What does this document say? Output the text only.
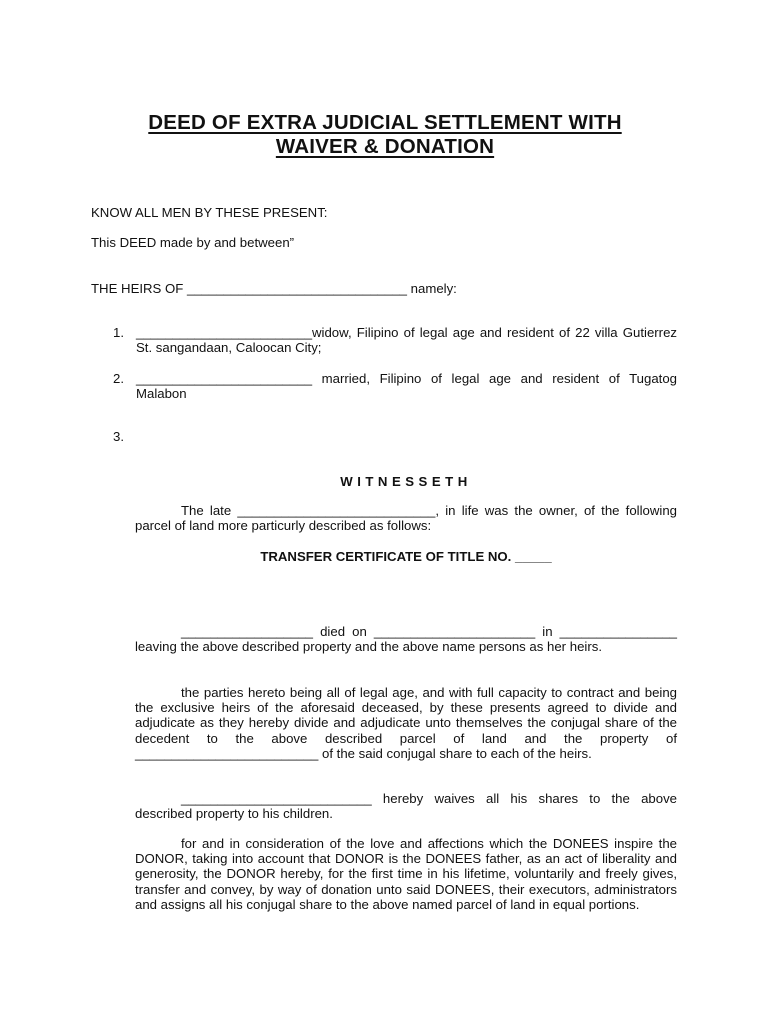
DEED OF EXTRA JUDICIAL SETTLEMENT WITH
WAIVER & DONATION
KNOW ALL MEN BY THESE PRESENT:
This DEED made by and between”
THE HEIRS OF ______________________________ namely:
1. ________________________widow, Filipino of legal age and resident of 22 villa Gutierrez St. sangandaan, Caloocan City;
2. ________________________ married, Filipino of legal age and resident of Tugatog Malabon
3.
WITNESSETH
The late ___________________________, in life was the owner, of the following parcel of land more particurly described as follows:
TRANSFER CERTIFICATE OF TITLE NO. _____
__________________ died on ______________________ in ________________ leaving the above described property and the above name persons as her heirs.
the parties hereto being all of legal age, and with full capacity to contract and being the exclusive heirs of the aforesaid deceased, by these presents agreed to divide and adjudicate as they hereby divide and adjudicate unto themselves the conjugal share of the decedent to the above described parcel of land and the property of _________________________ of the said conjugal share to each of the heirs.
__________________________ hereby waives all his shares to the above described property to his children.
for and in consideration of the love and affections which the DONEES inspire the DONOR, taking into account that DONOR is the DONEES father, as an act of liberality and generosity, the DONOR hereby, for the first time in his lifetime, voluntarily and freely gives, transfer and convey, by way of donation unto said DONEES, their executors, administrators and assigns all his conjugal share to the above named parcel of land in equal portions.
